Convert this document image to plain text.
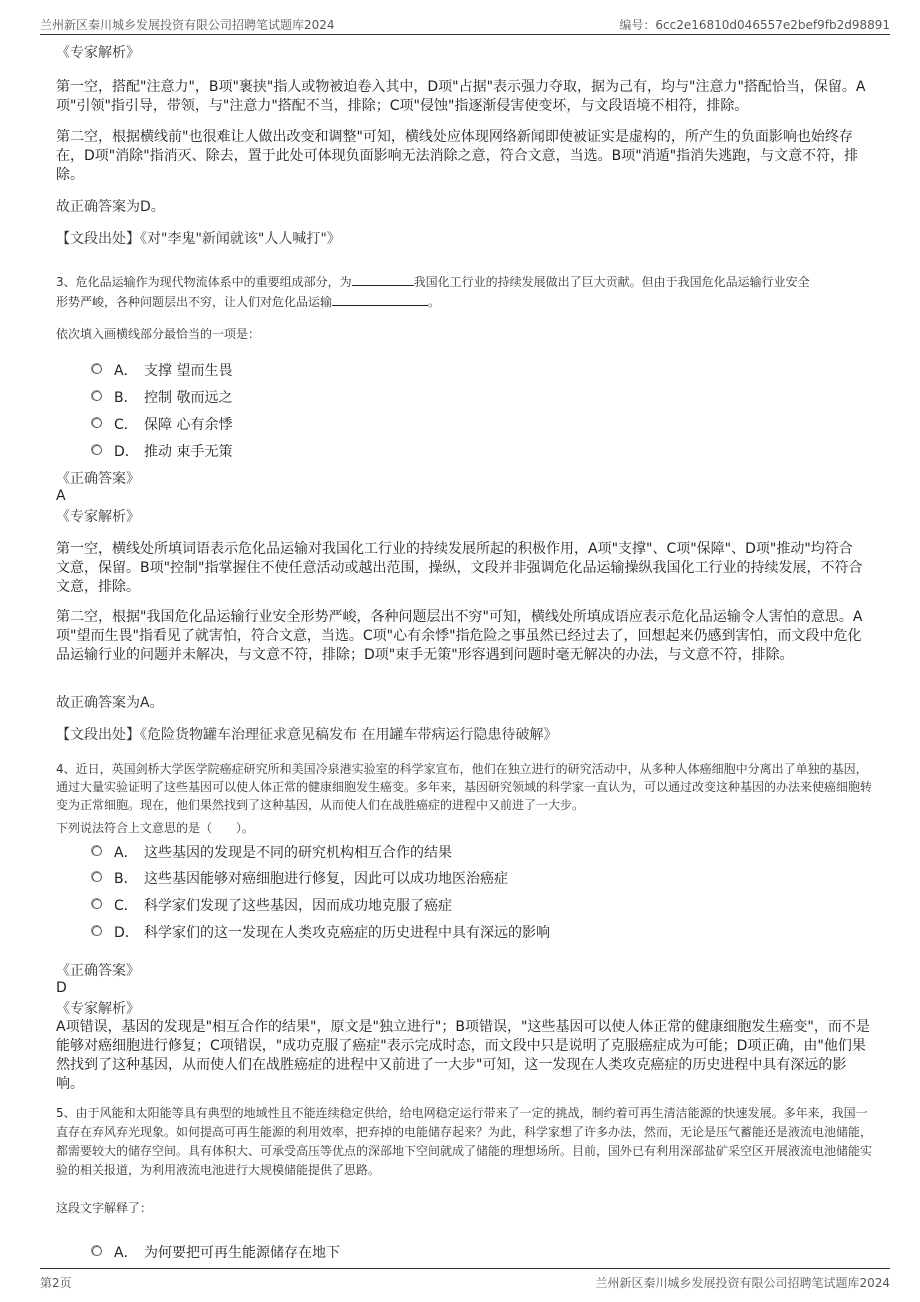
兰州新区秦川城乡发展投资有限公司招聘笔试题库2024	编号：6cc2e16810d046557e2bef9fb2d98891
《专家解析》
第一空，搭配"注意力"，B项"裹挟"指人或物被迫卷入其中，D项"占据"表示强力夺取，据为己有，均与"注意力"搭配恰当，保留。A项"引领"指引导，带领，与"注意力"搭配不当，排除；C项"侵蚀"指逐渐侵害使变坏，与文段语境不相符，排除。
第二空，根据横线前"也很难让人做出改变和调整"可知，横线处应体现网络新闻即使被证实是虚构的，所产生的负面影响也始终存在，D项"消除"指消灭、除去，置于此处可体现负面影响无法消除之意，符合文意，当选。B项"消遁"指消失逃跑，与文意不符，排除。
故正确答案为D。
【文段出处】《对"李鬼"新闻就该"人人喊打"》
3、危化品运输作为现代物流体系中的重要组成部分，为	我国化工行业的持续发展做出了巨大贡献。但由于我国危化品运输行业安全
形势严峻，各种问题层出不穷，让人们对危化品运输	。
依次填入画横线部分最恰当的一项是：
A． 支撑 望而生畏
B． 控制 敬而远之
C． 保障 心有余悸
D． 推动 束手无策
《正确答案》
A
《专家解析》
第一空，横线处所填词语表示危化品运输对我国化工行业的持续发展所起的积极作用，A项"支撑"、C项"保障"、D项"推动"均符合文意，保留。B项"控制"指掌握住不使任意活动或越出范围，操纵，文段并非强调危化品运输操纵我国化工行业的持续发展，不符合文意，排除。
第二空，根据"我国危化品运输行业安全形势严峻，各种问题层出不穷"可知，横线处所填成语应表示危化品运输令人害怕的意思。A项"望而生畏"指看见了就害怕，符合文意，当选。C项"心有余悸"指危险之事虽然已经过去了，回想起来仍感到害怕，而文段中危化品运输行业的问题并未解决，与文意不符，排除；D项"束手无策"形容遇到问题时毫无解决的办法，与文意不符，排除。
故正确答案为A。
【文段出处】《危险货物罐车治理征求意见稿发布 在用罐车带病运行隐患待破解》
4、近日，英国剑桥大学医学院癌症研究所和美国冷泉港实验室的科学家宣布，他们在独立进行的研究活动中，从多种人体癌细胞中分离出了单独的基因，通过大量实验证明了这些基因可以使人体正常的健康细胞发生癌变。多年来，基因研究领域的科学家一直认为，可以通过改变这种基因的办法来使癌细胞转变为正常细胞。现在，他们果然找到了这种基因，从而使人们在战胜癌症的进程中又前进了一大步。
下列说法符合上文意思的是（　　）。
A． 这些基因的发现是不同的研究机构相互合作的结果
B． 这些基因能够对癌细胞进行修复，因此可以成功地医治癌症
C． 科学家们发现了这些基因，因而成功地克服了癌症
D． 科学家们的这一发现在人类攻克癌症的历史进程中具有深远的影响
《正确答案》
D
《专家解析》
A项错误，基因的发现是"相互合作的结果"，原文是"独立进行"；B项错误，"这些基因可以使人体正常的健康细胞发生癌变"，而不是能够对癌细胞进行修复；C项错误，"成功克服了癌症"表示完成时态，而文段中只是说明了克服癌症成为可能；D项正确，由"他们果然找到了这种基因，从而使人们在战胜癌症的进程中又前进了一大步"可知，这一发现在人类攻克癌症的历史进程中具有深远的影响。
5、由于风能和太阳能等具有典型的地域性且不能连续稳定供给，给电网稳定运行带来了一定的挑战，制约着可再生清洁能源的快速发展。多年来，我国一直存在弃风弃光现象。如何提高可再生能源的利用效率，把弃掉的电能储存起来？为此，科学家想了许多办法，然而，无论是压气蓄能还是液流电池储能，都需要较大的储存空间。具有体积大、可承受高压等优点的深部地下空间就成了储能的理想场所。目前，国外已有利用深部盐矿采空区开展液流电池储能实验的相关报道，为利用液流电池进行大规模储能提供了思路。
这段文字解释了：
A． 为何要把可再生能源储存在地下
第2页	兰州新区秦川城乡发展投资有限公司招聘笔试题库2024
